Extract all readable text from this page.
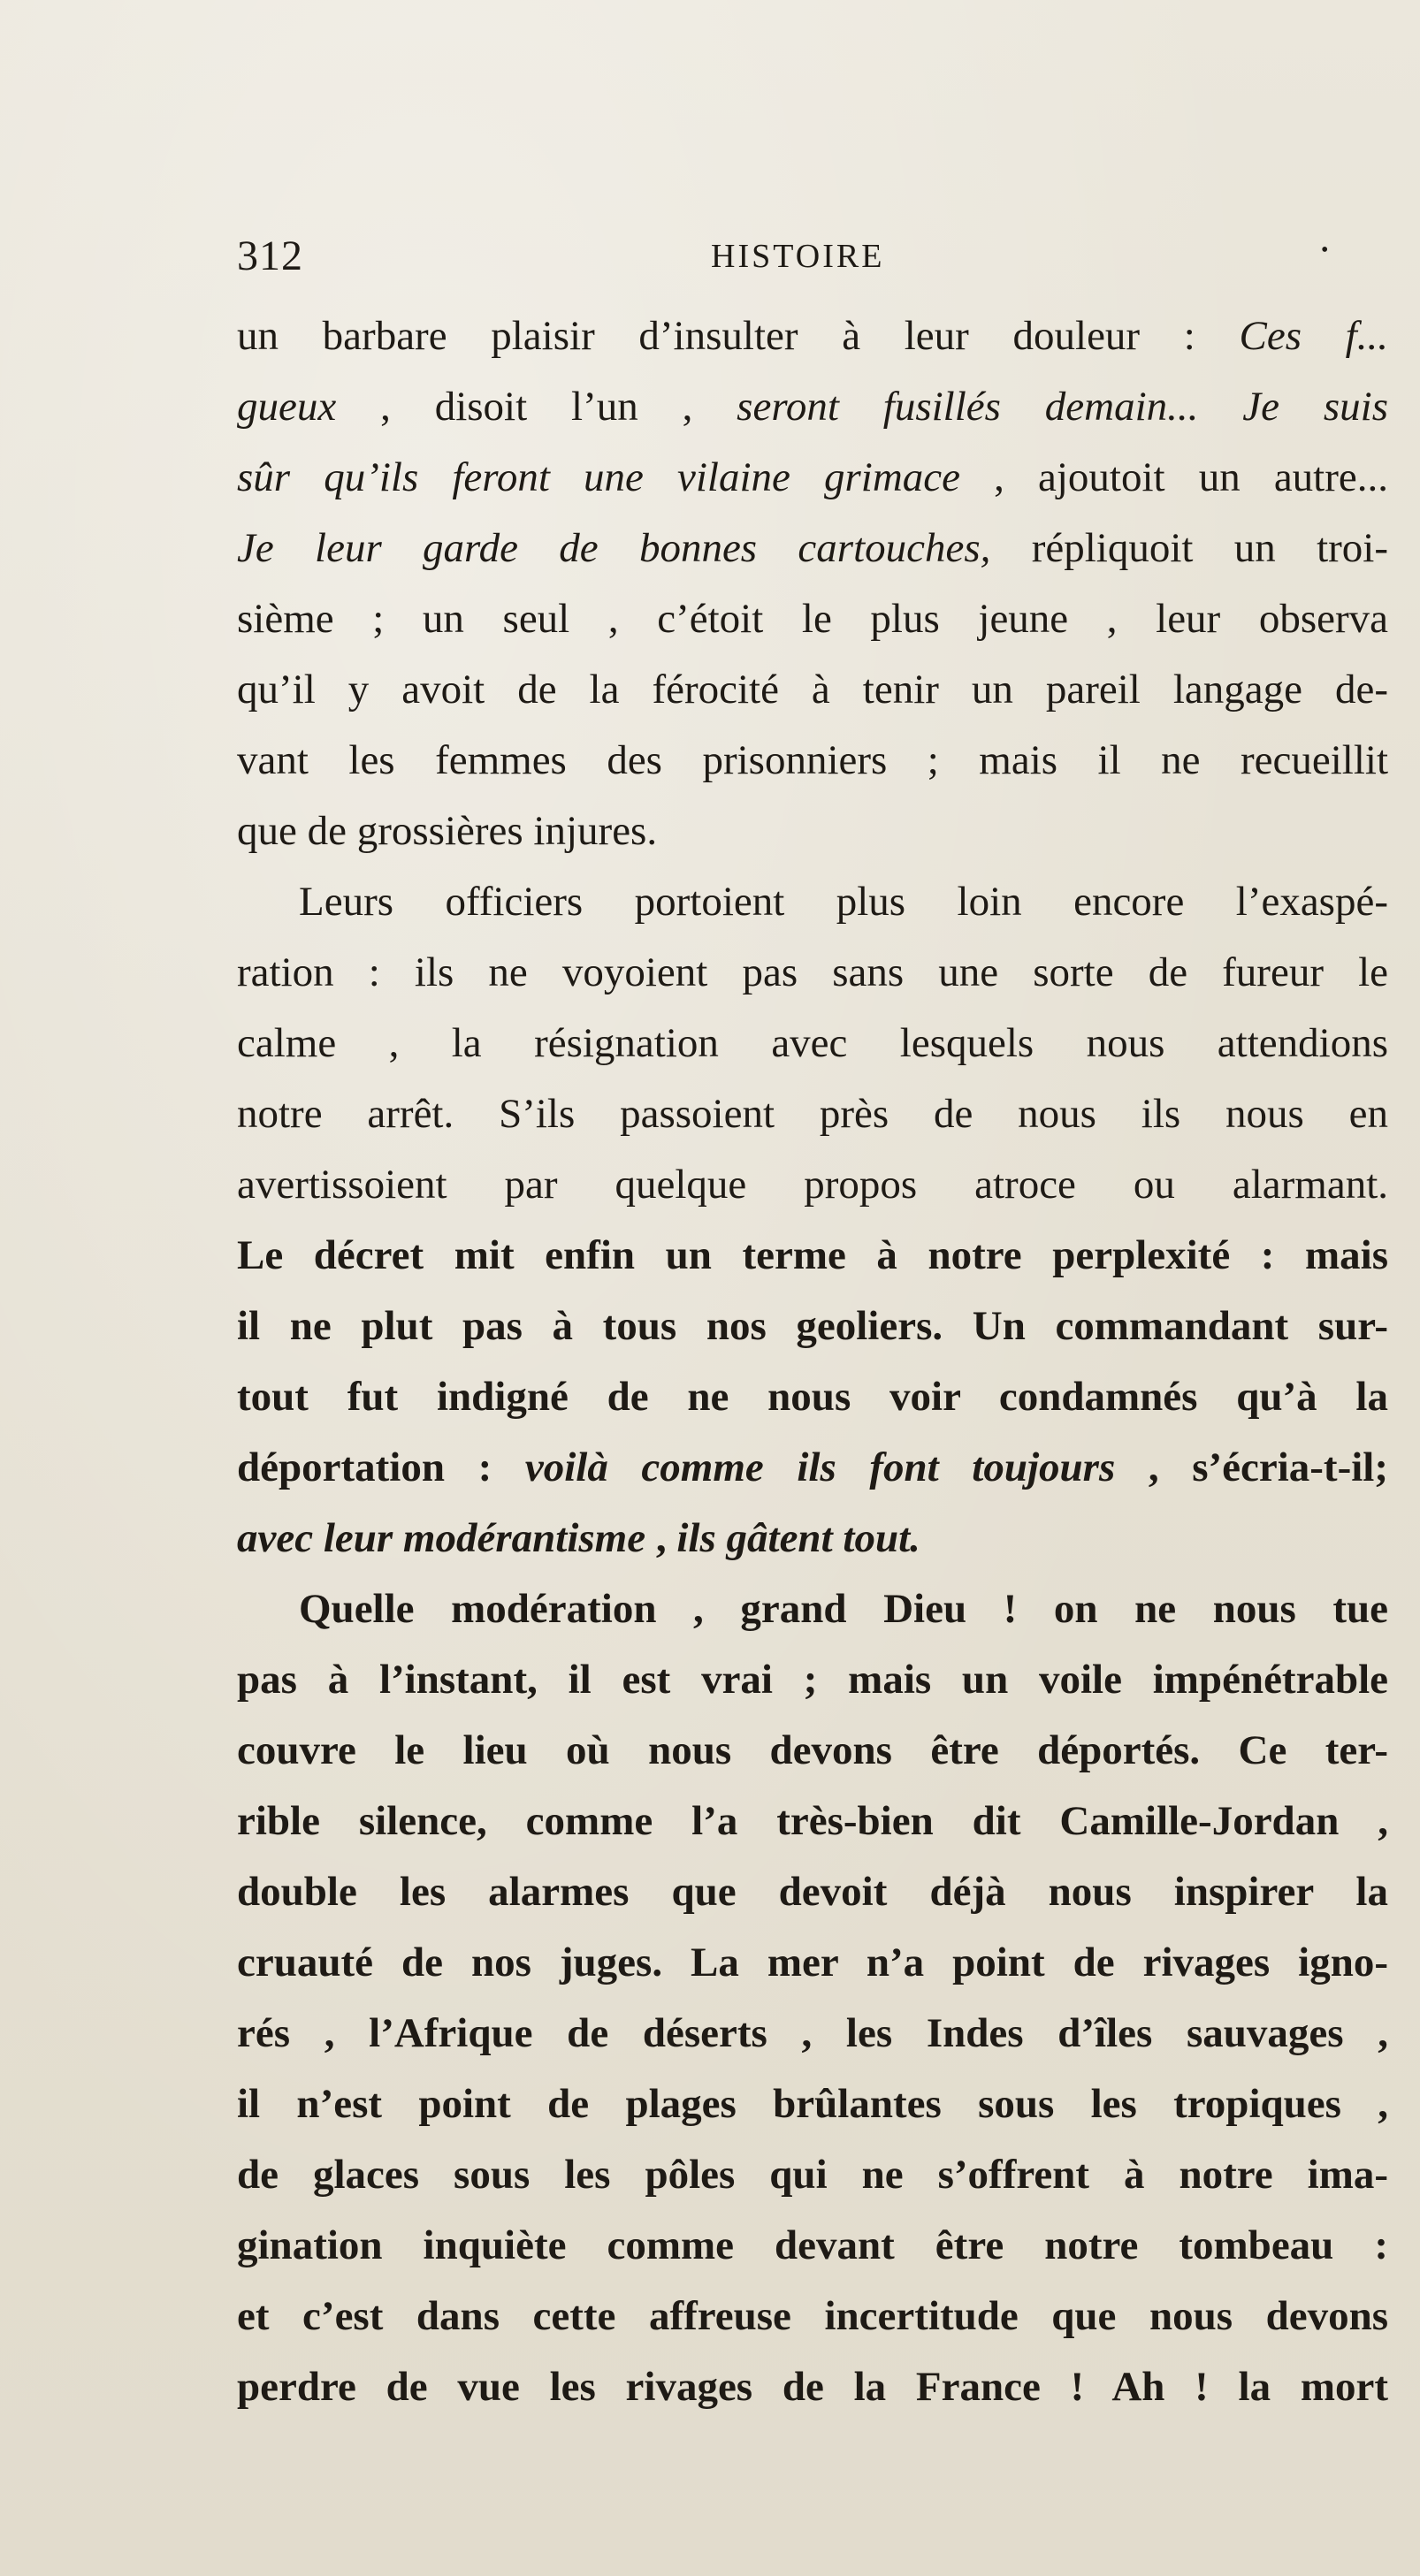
312	HISTOIRE	•
un barbare plaisir d’insulter à leur douleur : Ces f...
gueux , disoit l’un , seront fusillés demain... Je suis
sûr qu’ils feront une vilaine grimace , ajoutoit un autre...
Je leur garde de bonnes cartouches, répliquoit un troi-
sième ; un seul , c’étoit le plus jeune , leur observa
qu’il y avoit de la férocité à tenir un pareil langage de-
vant les femmes des prisonniers ; mais il ne recueillit
que de grossières injures.
Leurs officiers portoient plus loin encore l’exaspé-
ration : ils ne voyoient pas sans une sorte de fureur le
calme , la résignation avec lesquels nous attendions
notre arrêt. S’ils passoient près de nous ils nous en
avertissoient par quelque propos atroce ou alarmant.
Le décret mit enfin un terme à notre perplexité : mais
il ne plut pas à tous nos geoliers. Un commandant sur-
tout fut indigné de ne nous voir condamnés qu’à la
déportation : voilà comme ils font toujours , s’écria-t-il;
avec leur modérantisme , ils gâtent tout.
Quelle modération , grand Dieu ! on ne nous tue
pas à l’instant, il est vrai ; mais un voile impénétrable
couvre le lieu où nous devons être déportés. Ce ter-
rible silence, comme l’a très-bien dit Camille-Jordan ,
double les alarmes que devoit déjà nous inspirer la
cruauté de nos juges. La mer n’a point de rivages igno-
rés , l’Afrique de déserts , les Indes d’îles sauvages ,
il n’est point de plages brûlantes sous les tropiques ,
de glaces sous les pôles qui ne s’offrent à notre ima-
gination inquiète comme devant être notre tombeau :
et c’est dans cette affreuse incertitude que nous devons
perdre de vue les rivages de la France ! Ah ! la mort
